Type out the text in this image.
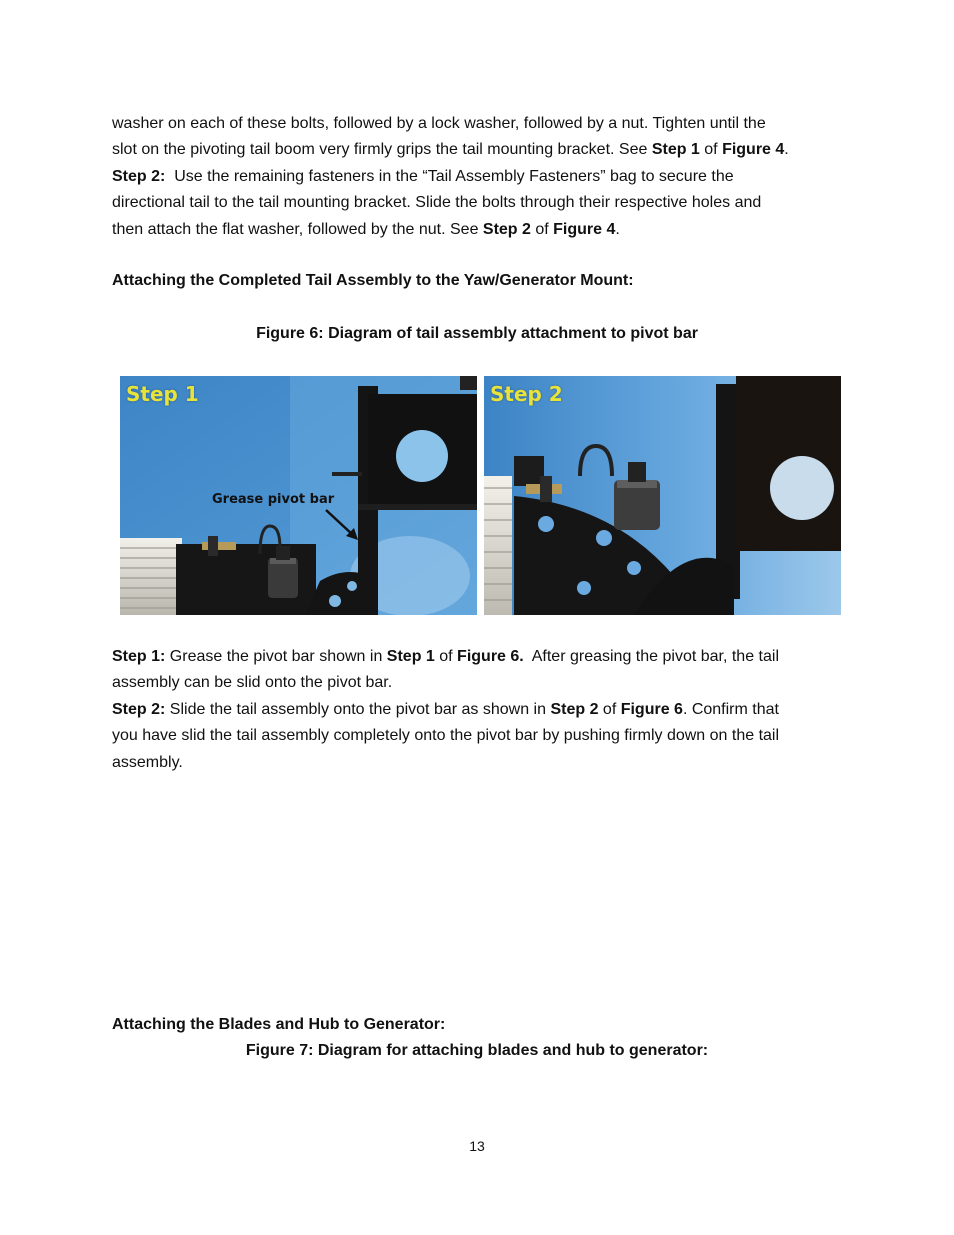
washer on each of these bolts, followed by a lock washer, followed by a nut. Tighten until the
slot on the pivoting tail boom very firmly grips the tail mounting bracket. See Step 1 of Figure 4.
Step 2:  Use the remaining fasteners in the “Tail Assembly Fasteners” bag to secure the
directional tail to the tail mounting bracket. Slide the bolts through their respective holes and
then attach the flat washer, followed by the nut. See Step 2 of Figure 4.
Attaching the Completed Tail Assembly to the Yaw/Generator Mount:
Figure 6: Diagram of tail assembly attachment to pivot bar
Step 1
Grease pivot bar
Step 2
Step 1: Grease the pivot bar shown in Step 1 of Figure 6.  After greasing the pivot bar, the tail
assembly can be slid onto the pivot bar.
Step 2: Slide the tail assembly onto the pivot bar as shown in Step 2 of Figure 6. Confirm that
you have slid the tail assembly completely onto the pivot bar by pushing firmly down on the tail
assembly.
Attaching the Blades and Hub to Generator:
Figure 7: Diagram for attaching blades and hub to generator:
13
